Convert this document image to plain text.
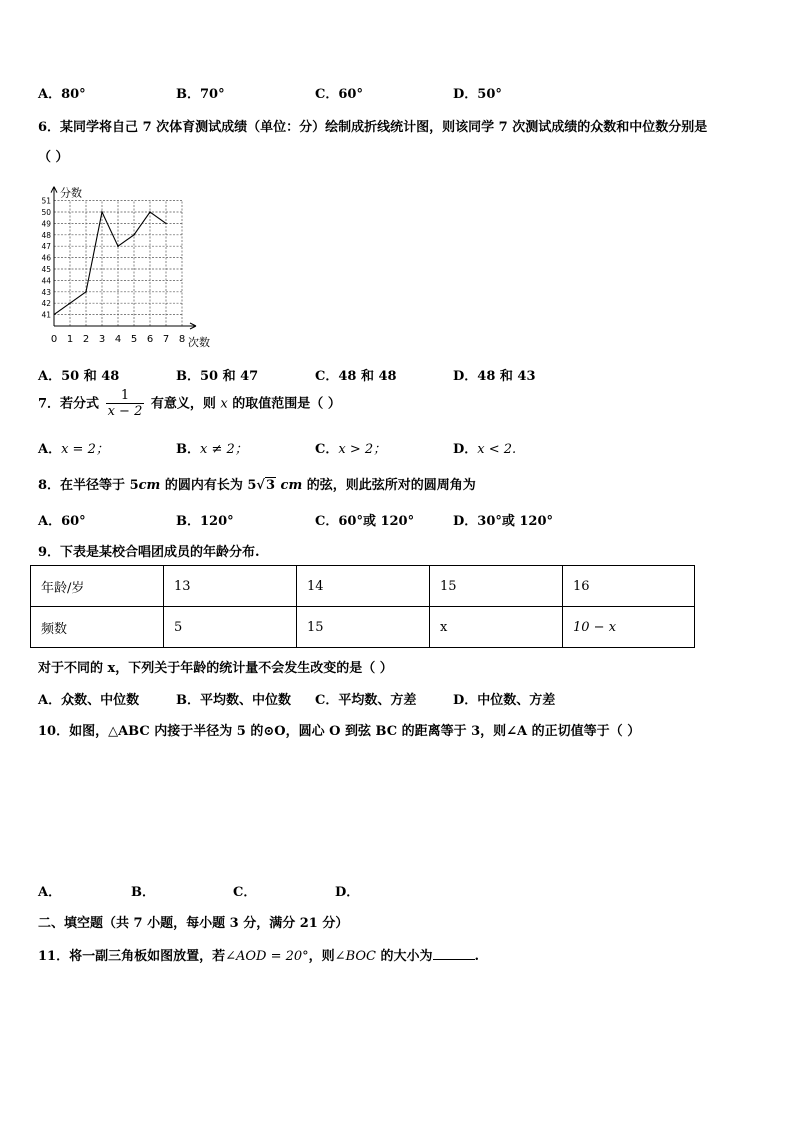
A．80°	B．70°	C．60°	D．50°
6．某同学将自己 7 次体育测试成绩（单位：分）绘制成折线统计图，则该同学 7 次测试成绩的众数和中位数分别是
（ ）
分数
次数
0 1 2 3 4 5 6 7 8
41
42
43
44
45
46
47
48
49
50
51
A．50 和 48	B．50 和 47	C．48 和 48	D．48 和 43
7．若分式 $\frac{1}{x - 2}$ 有意义，则 x 的取值范围是（ ）
A．x = 2；	B．x ≠ 2；	C．x > 2；	D．x < 2.
8．在半径等于 5cm 的圆内有长为 5√3 cm 的弦，则此弦所对的圆周角为
A．60°	B．120°	C．60°或 120°	D．30°或 120°
9．下表是某校合唱团成员的年龄分布.
年龄/岁	13	14	15	16
频数	5	15	x	10 − x
对于不同的 x，下列关于年龄的统计量不会发生改变的是（ ）
A．众数、中位数	B．平均数、中位数 C．平均数、方差	D．中位数、方差
10．如图，△ABC 内接于半径为 5 的⊙O，圆心 O 到弦 BC 的距离等于 3，则∠A 的正切值等于（ ）
A．	B．	C．	D．
二、填空题（共 7 小题，每小题 3 分，满分 21 分）
11．将一副三角板如图放置，若∠AOD = 20°，则∠BOC 的大小为	.
